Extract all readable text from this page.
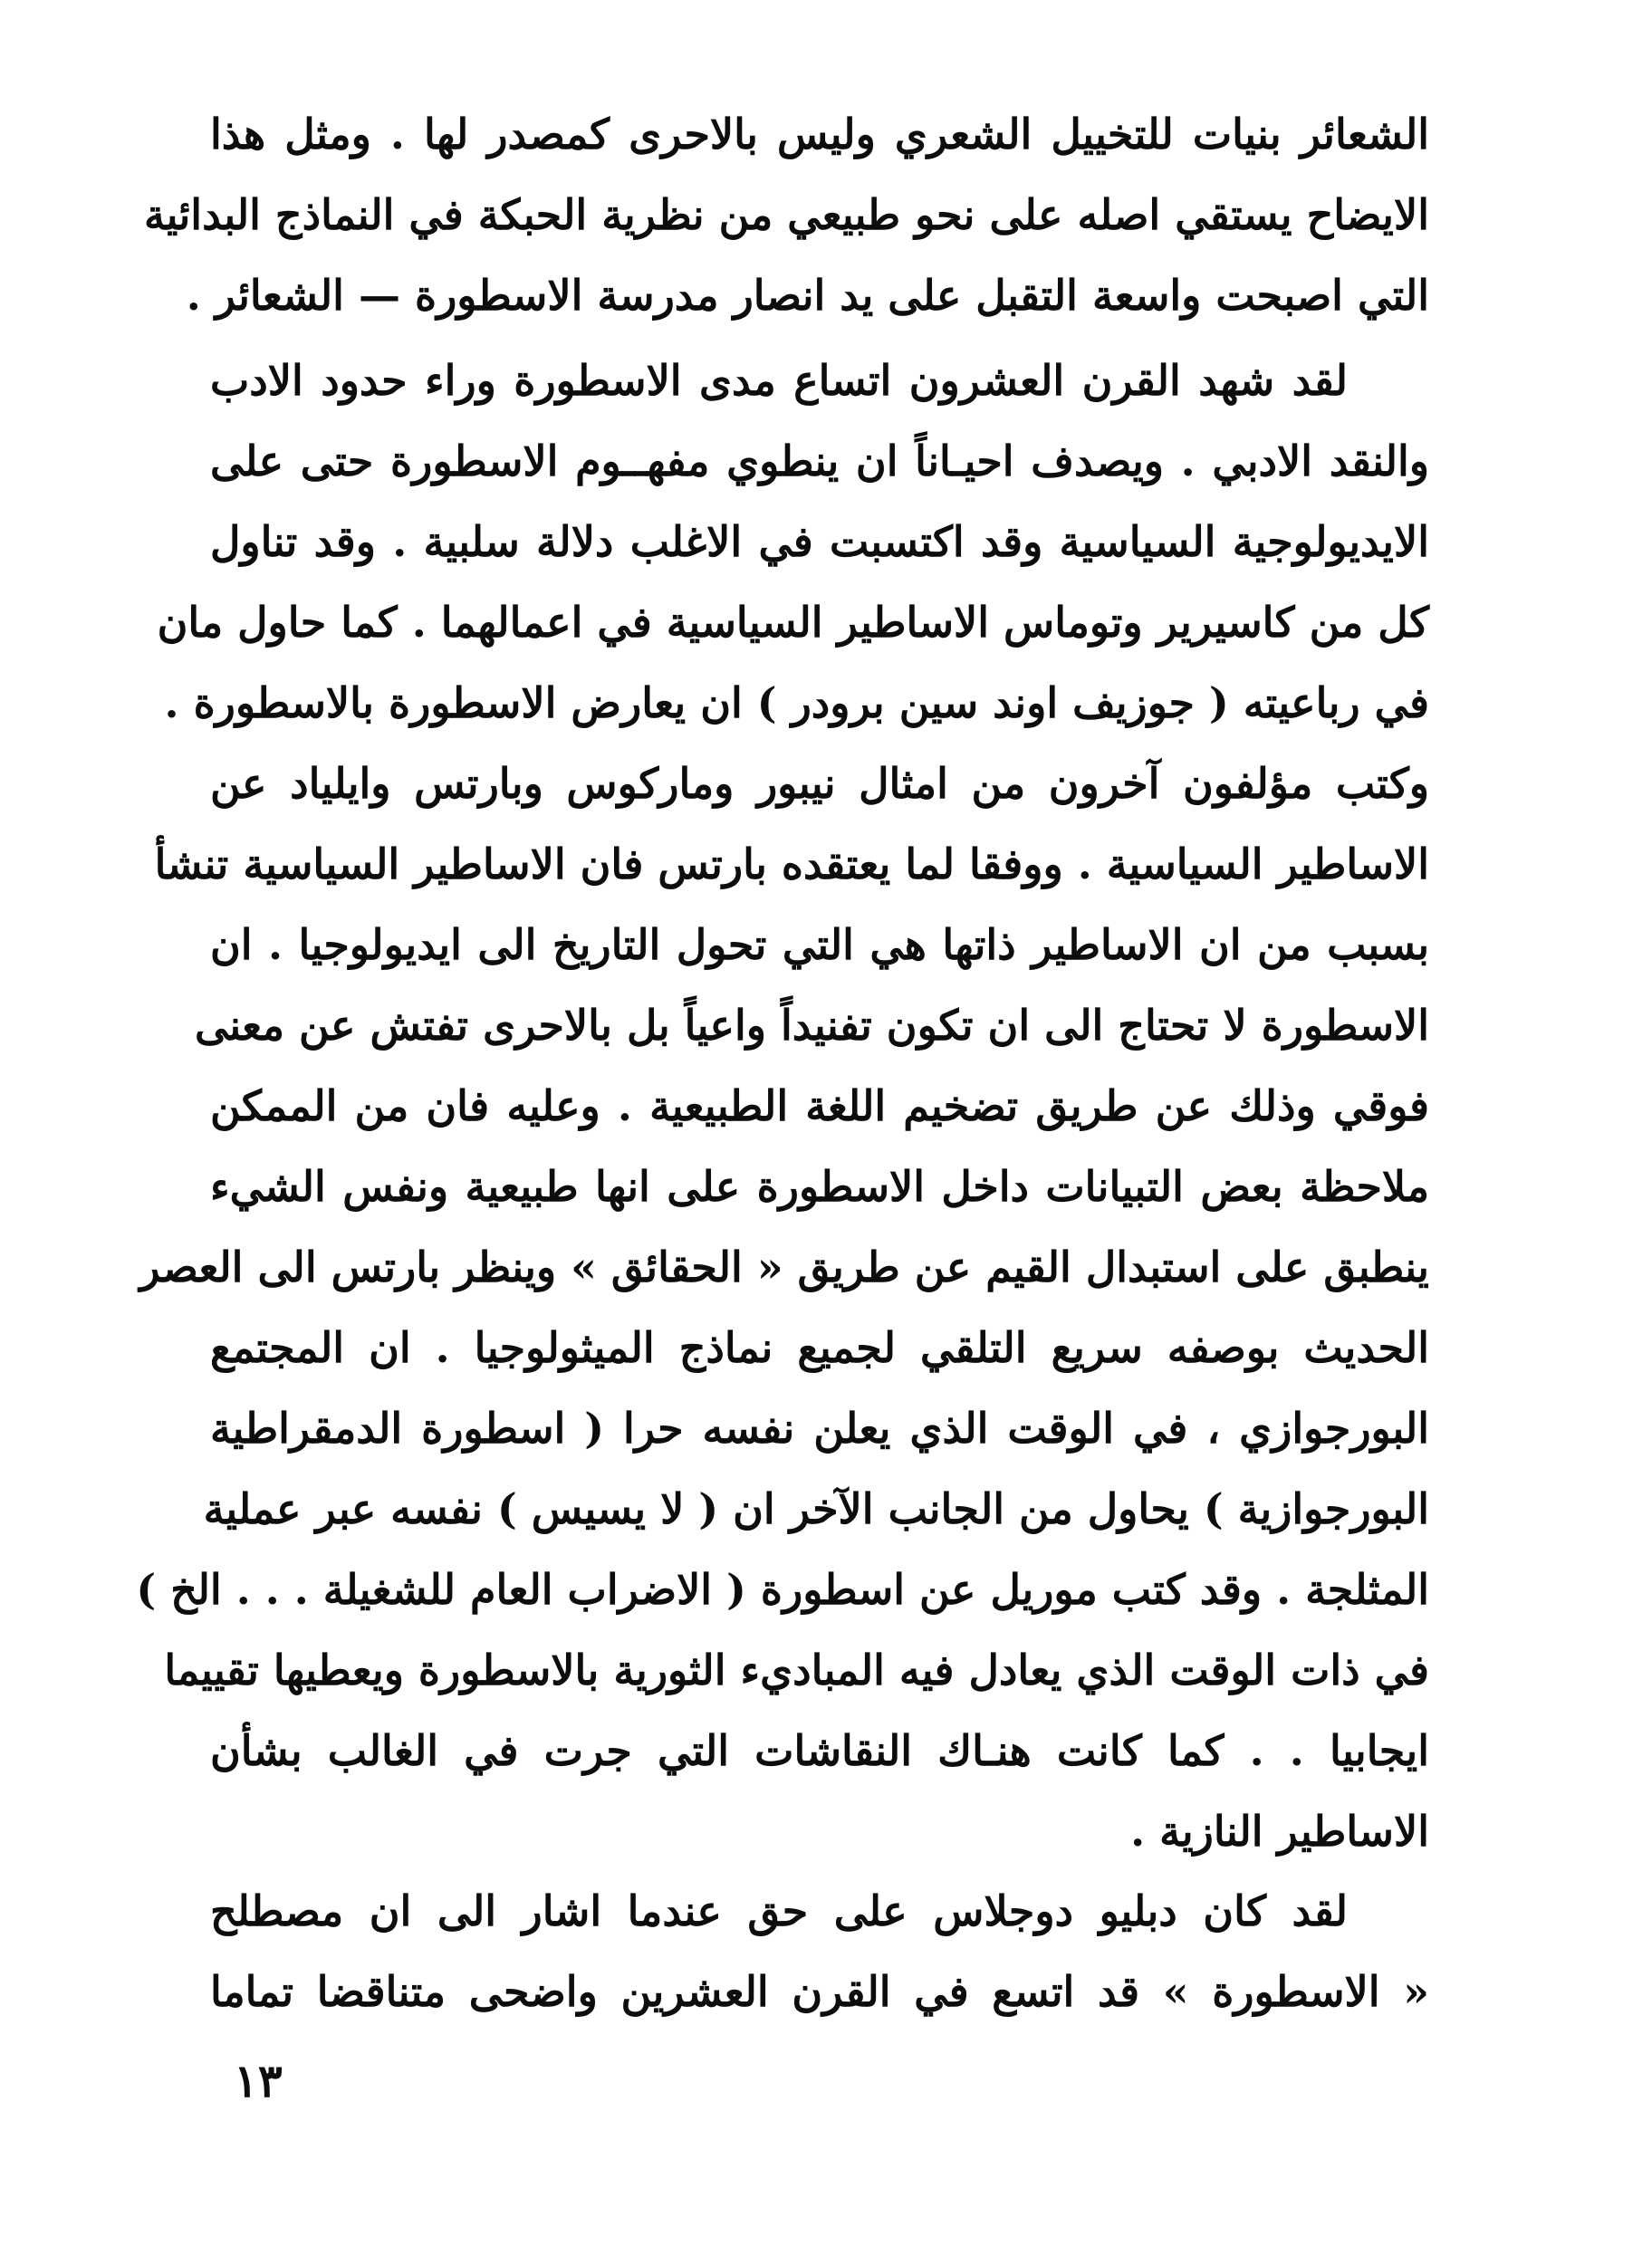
الشعائر بنيات للتخييل الشعري وليس بالاحرى كمصدر لها . ومثل هذا
الايضاح يستقي اصله على نحو طبيعي من نظرية الحبكة في النماذج البدائية
التي اصبحت واسعة التقبل على يد انصار مدرسة الاسطورة — الشعائر .
لقد شهد القرن العشرون اتساع مدى الاسطورة وراء حدود الادب
والنقد الادبي . ويصدف احيـاناً ان ينطوي مفهــوم الاسطورة حتى على
الايديولوجية السياسية وقد اكتسبت في الاغلب دلالة سلبية . وقد تناول
كل من كاسيرير وتوماس الاساطير السياسية في اعمالهما . كما حاول مان
في رباعيته ( جوزيف اوند سين برودر ) ان يعارض الاسطورة بالاسطورة .
وكتب مؤلفون آخرون من امثال نيبور وماركوس وبارتس وايلياد عن
الاساطير السياسية . ووفقا لما يعتقده بارتس فان الاساطير السياسية تنشأ
بسبب من ان الاساطير ذاتها هي التي تحول التاريخ الى ايديولوجيا . ان
الاسطورة لا تحتاج الى ان تكون تفنيداً واعياً بل بالاحرى تفتش عن معنى
فوقي وذلك عن طريق تضخيم اللغة الطبيعية . وعليه فان من الممكن
ملاحظة بعض التبيانات داخل الاسطورة على انها طبيعية ونفس الشيء
ينطبق على استبدال القيم عن طريق « الحقائق » وينظر بارتس الى العصر
الحديث بوصفه سريع التلقي لجميع نماذج الميثولوجيا . ان المجتمع
البورجوازي ، في الوقت الذي يعلن نفسه حرا ( اسطورة الدمقراطية
البورجوازية ) يحاول من الجانب الآخر ان ( لا يسيس ) نفسه عبر عملية
المثلجة . وقد كتب موريل عن اسطورة ( الاضراب العام للشغيلة . . . الخ )
في ذات الوقت الذي يعادل فيه المباديء الثورية بالاسطورة ويعطيها تقييما
ايجابيا . . كما كانت هنـاك النقاشات التي جرت في الغالب بشأن
الاساطير النازية .
لقد كان دبليو دوجلاس على حق عندما اشار الى ان مصطلح
« الاسطورة » قد اتسع في القرن العشرين واضحى متناقضا تماما
١٣
